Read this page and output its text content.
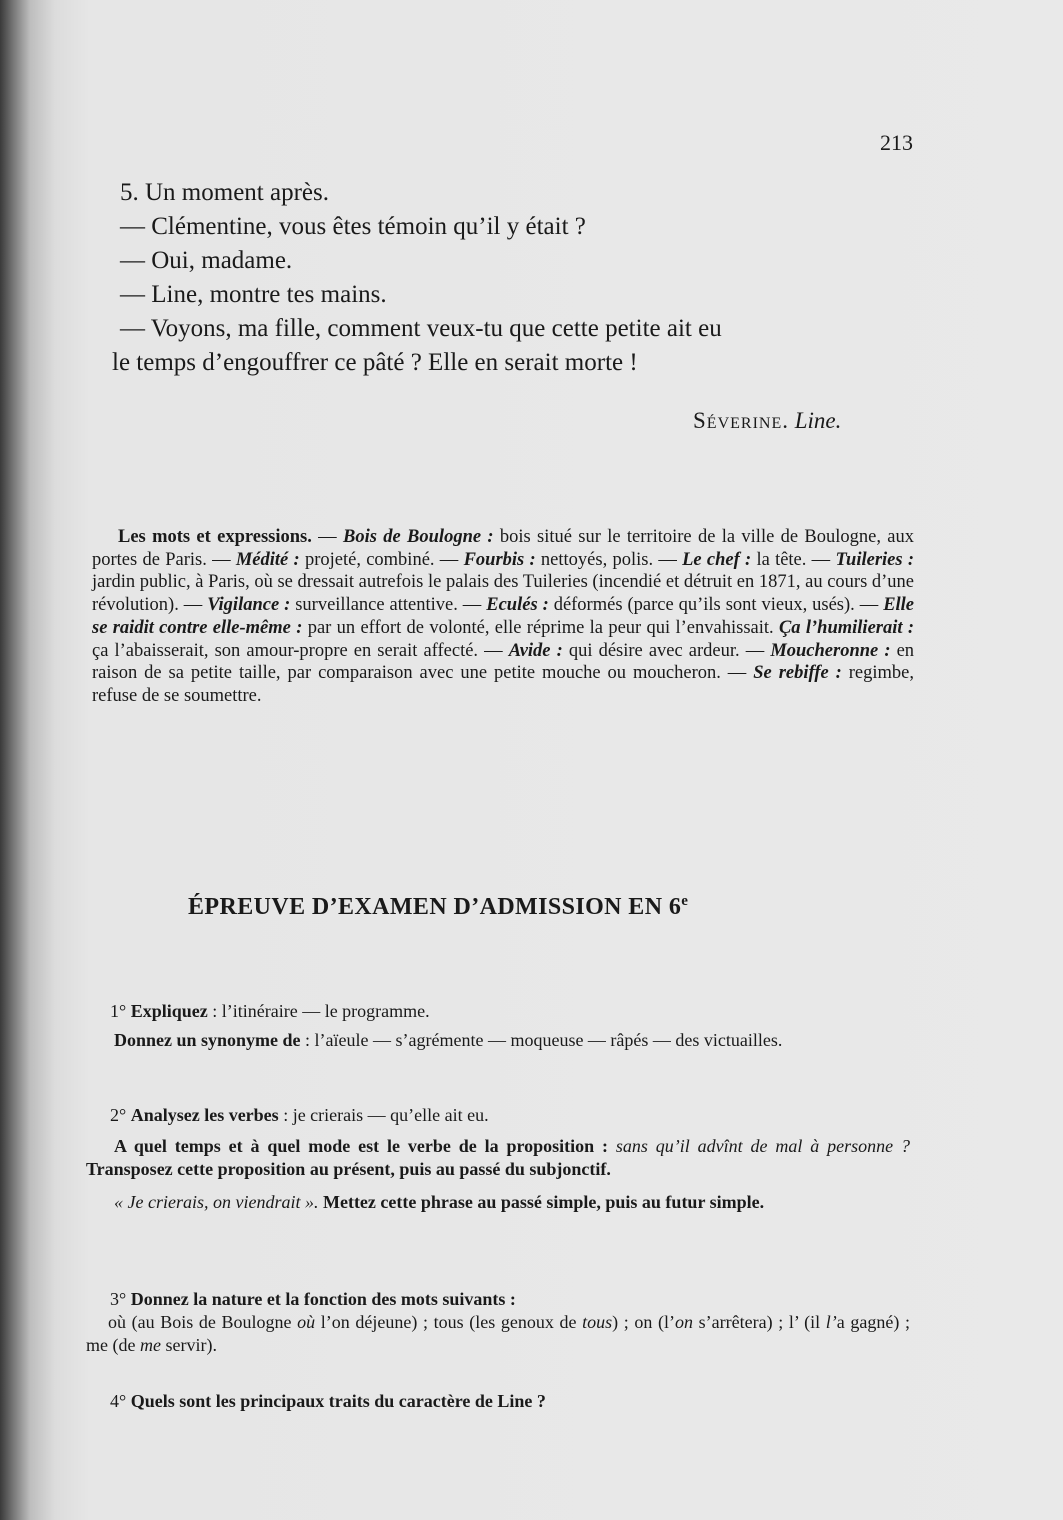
213

5. Un moment après.

— Clémentine, vous êtes témoin qu’il y était ?

— Oui, madame.

— Line, montre tes mains.

— Voyons, ma fille, comment veux-tu que cette petite ait eu

le temps d’engouffrer ce pâté ? Elle en serait morte !

Séverine. Line.
Les mots et expressions. — Bois de Boulogne : bois situé sur le territoire de la ville de Boulogne, aux portes de Paris. — Médité : projeté, combiné. — Fourbis : nettoyés, polis. — Le chef : la tête. — Tuileries : jardin public, à Paris, où se dressait autrefois le palais des Tuileries (incendié et détruit en 1871, au cours d’une révolution). — Vigilance : surveillance attentive. — Eculés : déformés (parce qu’ils sont vieux, usés). — Elle se raidit contre elle-même : par un effort de volonté, elle réprime la peur qui l’envahissait. Ça l’humilierait : ça l’abaisserait, son amour-propre en serait affecté. — Avide : qui désire avec ardeur. — Moucheronne : en raison de sa petite taille, par comparaison avec une petite mouche ou moucheron. — Se rebiffe : regimbe, refuse de se soumettre.
ÉPREUVE D’EXAMEN D’ADMISSION EN 6e
1° Expliquez : l’itinéraire — le programme.
Donnez un synonyme de : l’aïeule — s’agrémente — moqueuse — râpés — des victuailles.
2° Analysez les verbes : je crierais — qu’elle ait eu.
A quel temps et à quel mode est le verbe de la proposition : sans qu’il advînt de mal à personne ? Transposez cette proposition au présent, puis au passé du subjonctif.
« Je crierais, on viendrait ». Mettez cette phrase au passé simple, puis au futur simple.
3° Donnez la nature et la fonction des mots suivants :
où (au Bois de Boulogne où l’on déjeune) ; tous (les genoux de tous) ; on (l’on s’arrêtera) ; l’ (il l’a gagné) ; me (de me servir).
4° Quels sont les principaux traits du caractère de Line ?
